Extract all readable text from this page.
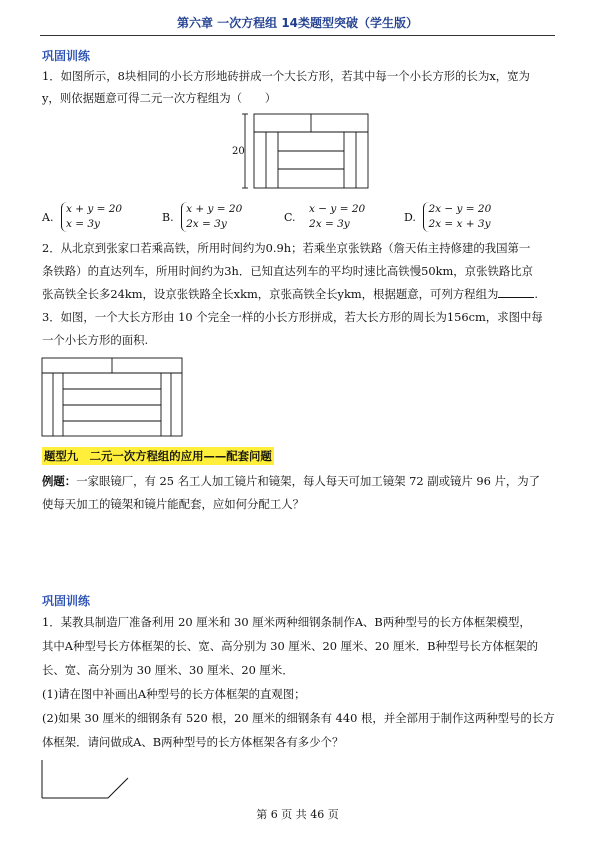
第六章 一次方程组 14类题型突破（学生版）
巩固训练
1．如图所示，8块相同的小长方形地砖拼成一个大长方形，若其中每一个小长方形的长为x，宽为
y，则依据题意可得二元一次方程组为（　　）
20
A. x + y = 20
x = 3y
B. x + y = 20
2x = 3y
C. x − y = 20
2x = 3y
D. 2x − y = 20
2x = x + 3y
2．从北京到张家口若乘高铁，所用时间约为0.9h；若乘坐京张铁路（詹天佑主持修建的我国第一
条铁路）的直达列车，所用时间约为3h．已知直达列车的平均时速比高铁慢50km，京张铁路比京
张高铁全长多24km，设京张铁路全长xkm，京张高铁全长ykm，根据题意，可列方程组为	.
3．如图，一个大长方形由 10 个完全一样的小长方形拼成，若大长方形的周长为156cm，求图中每
一个小长方形的面积.
题型九　二元一次方程组的应用——配套问题
例题：一家眼镜厂，有 25 名工人加工镜片和镜架，每人每天可加工镜架 72 副或镜片 96 片，为了
使每天加工的镜架和镜片能配套，应如何分配工人？
巩固训练
1．某教具制造厂准备利用 20 厘米和 30 厘米两种细钢条制作A、B两种型号的长方体框架模型，
其中A种型号长方体框架的长、宽、高分别为 30 厘米、20 厘米、20 厘米．B种型号长方体框架的
长、宽、高分别为 30 厘米、30 厘米、20 厘米．
(1)请在图中补画出A种型号的长方体框架的直观图；
(2)如果 30 厘米的细钢条有 520 根，20 厘米的细钢条有 440 根，并全部用于制作这两种型号的长方
体框架．请问做成A、B两种型号的长方体框架各有多少个？
第 6 页 共 46 页
